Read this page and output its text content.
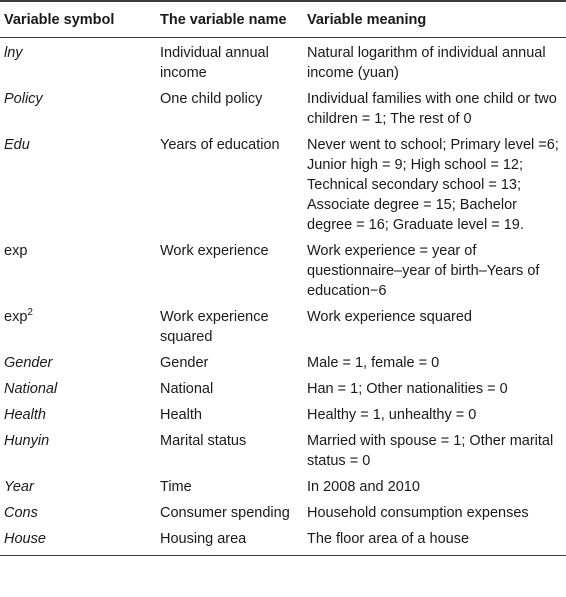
Variable symbol	The variable name	Variable meaning
lny	Individual annual income	Natural logarithm of individual annual income (yuan)
Policy	One child policy	Individual families with one child or two children = 1; The rest of 0
Edu	Years of education	Never went to school; Primary level =6; Junior high = 9; High school = 12; Technical secondary school = 13; Associate degree = 15; Bachelor degree = 16; Graduate level = 19.
exp	Work experience	Work experience = year of questionnaire–year of birth–Years of education−6
$\exp^2$	Work experience squared	Work experience squared
Gender	Gender	Male = 1, female = 0
National	National	Han = 1; Other nationalities = 0
Health	Health	Healthy = 1, unhealthy = 0
Hunyin	Marital status	Married with spouse = 1; Other marital status = 0
Year	Time	In 2008 and 2010
Cons	Consumer spending	Household consumption expenses
House	Housing area	The floor area of a house
